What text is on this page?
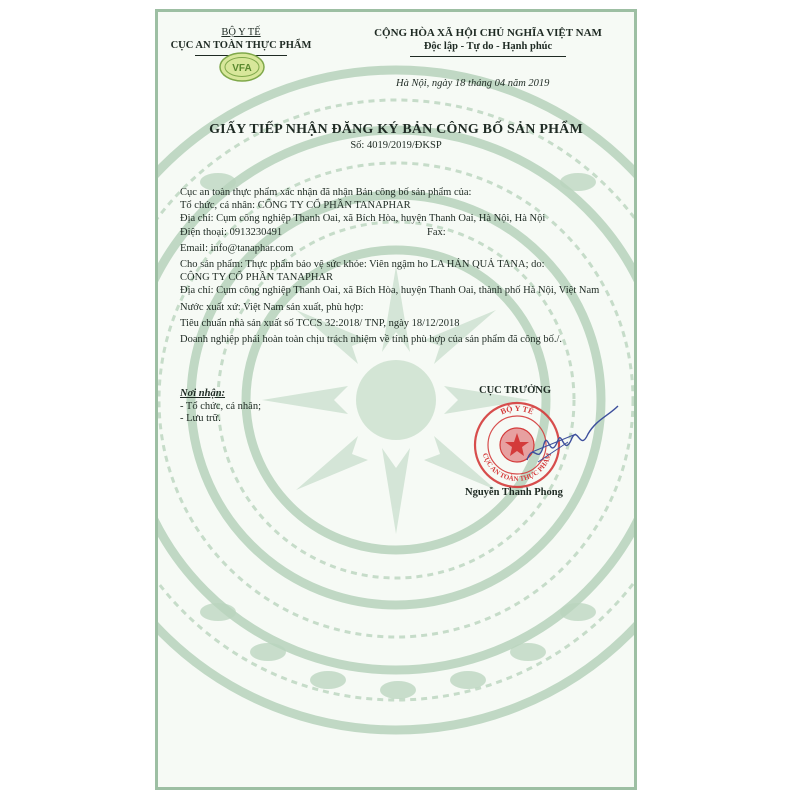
BỘ Y TẾ
CỤC AN TOÀN THỰC PHẨM
VFA
CỘNG HÒA XÃ HỘI CHỦ NGHĨA VIỆT NAM
Độc lập - Tự do - Hạnh phúc
Hà Nội, ngày 18 tháng 04 năm 2019
GIẤY TIẾP NHẬN ĐĂNG KÝ BẢN CÔNG BỐ SẢN PHẨM
Số: 4019/2019/ĐKSP
Cục an toàn thực phẩm xác nhận đã nhận Bản công bố sản phẩm của:
Tổ chức, cá nhân: CÔNG TY CỔ PHẦN TANAPHAR
Địa chỉ: Cụm công nghiệp Thanh Oai, xã Bích Hòa, huyện Thanh Oai, Hà Nội, Hà Nội
Điện thoại: 0913230491	Fax:
Email: info@tanaphar.com
Cho sản phẩm: Thực phẩm bảo vệ sức khỏe: Viên ngậm ho LA HÁN QUẢ TANA; do:
CÔNG TY CỔ PHẦN TANAPHAR
Địa chỉ: Cụm công nghiệp Thanh Oai, xã Bích Hòa, huyện Thanh Oai, thành phố Hà Nội, Việt Nam
Nước xuất xứ: Việt Nam sản xuất, phù hợp:
Tiêu chuẩn nhà sản xuất số TCCS 32:2018/ TNP, ngày 18/12/2018
Doanh nghiệp phải hoàn toàn chịu trách nhiệm về tính phù hợp của sản phẩm đã công bố./.
Nơi nhận:
- Tổ chức, cá nhân;
- Lưu trữ.
CỤC TRƯỞNG
BỘ Y TẾ
CỤC AN TOÀN THỰC PHẨM
Nguyễn Thanh Phong
